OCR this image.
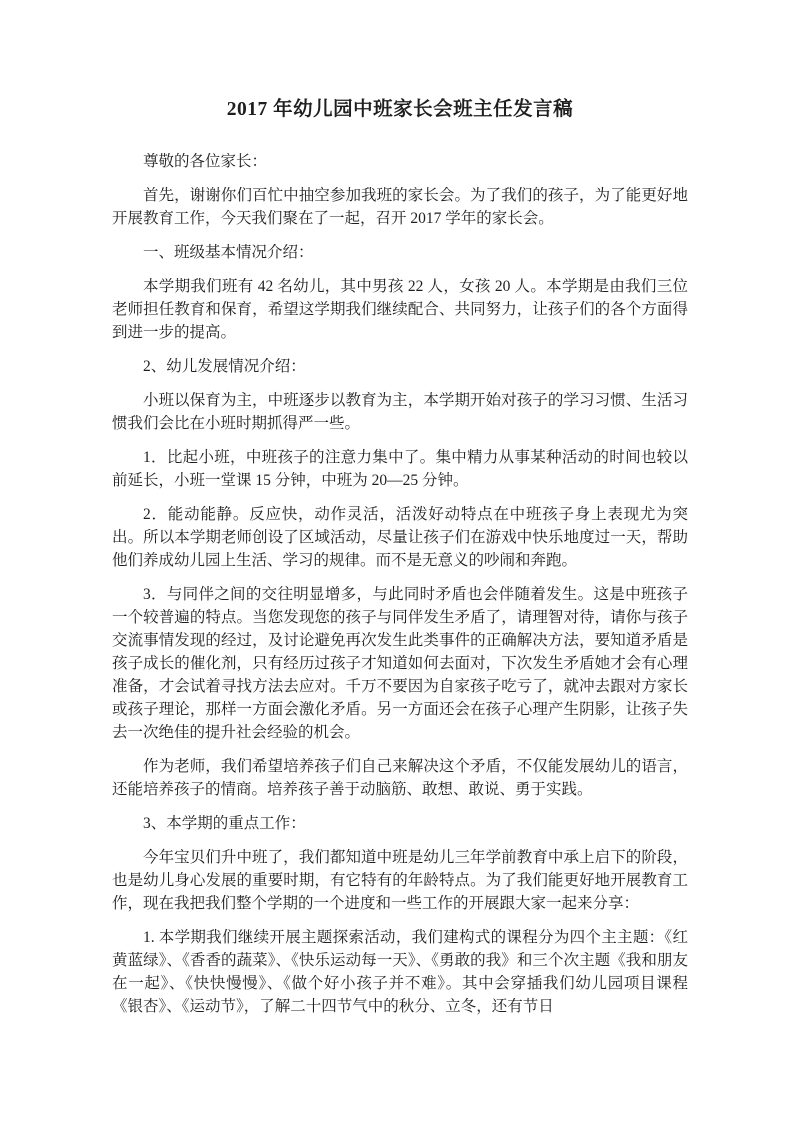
2017 年幼儿园中班家长会班主任发言稿

尊敬的各位家长：

首先，谢谢你们百忙中抽空参加我班的家长会。为了我们的孩子，为了能更好地开展教育工作，今天我们聚在了一起，召开 2017 学年的家长会。

一、班级基本情况介绍：

本学期我们班有 42 名幼儿，其中男孩 22 人，女孩 20 人。本学期是由我们三位老师担任教育和保育，希望这学期我们继续配合、共同努力，让孩子们的各个方面得到进一步的提高。

2、幼儿发展情况介绍：

小班以保育为主，中班逐步以教育为主，本学期开始对孩子的学习习惯、生活习惯我们会比在小班时期抓得严一些。

1．比起小班，中班孩子的注意力集中了。集中精力从事某种活动的时间也较以前延长，小班一堂课 15 分钟，中班为 20—25 分钟。

2．能动能静。反应快，动作灵活，活泼好动特点在中班孩子身上表现尤为突出。所以本学期老师创设了区域活动，尽量让孩子们在游戏中快乐地度过一天，帮助他们养成幼儿园上生活、学习的规律。而不是无意义的吵闹和奔跑。

3．与同伴之间的交往明显增多，与此同时矛盾也会伴随着发生。这是中班孩子一个较普遍的特点。当您发现您的孩子与同伴发生矛盾了，请理智对待，请你与孩子交流事情发现的经过，及讨论避免再次发生此类事件的正确解决方法，要知道矛盾是孩子成长的催化剂，只有经历过孩子才知道如何去面对，下次发生矛盾她才会有心理准备，才会试着寻找方法去应对。千万不要因为自家孩子吃亏了，就冲去跟对方家长或孩子理论，那样一方面会激化矛盾。另一方面还会在孩子心理产生阴影，让孩子失去一次绝佳的提升社会经验的机会。

作为老师，我们希望培养孩子们自己来解决这个矛盾，不仅能发展幼儿的语言，还能培养孩子的情商。培养孩子善于动脑筋、敢想、敢说、勇于实践。

3、本学期的重点工作：

今年宝贝们升中班了，我们都知道中班是幼儿三年学前教育中承上启下的阶段，也是幼儿身心发展的重要时期，有它特有的年龄特点。为了我们能更好地开展教育工作，现在我把我们整个学期的一个进度和一些工作的开展跟大家一起来分享：

1. 本学期我们继续开展主题探索活动，我们建构式的课程分为四个主主题：《红黄蓝绿》、《香香的蔬菜》、《快乐运动每一天》、《勇敢的我》和三个次主题《我和朋友在一起》、《快快慢慢》、《做个好小孩子并不难》。其中会穿插我们幼儿园项目课程《银杏》、《运动节》，了解二十四节气中的秋分、立冬，还有节日
